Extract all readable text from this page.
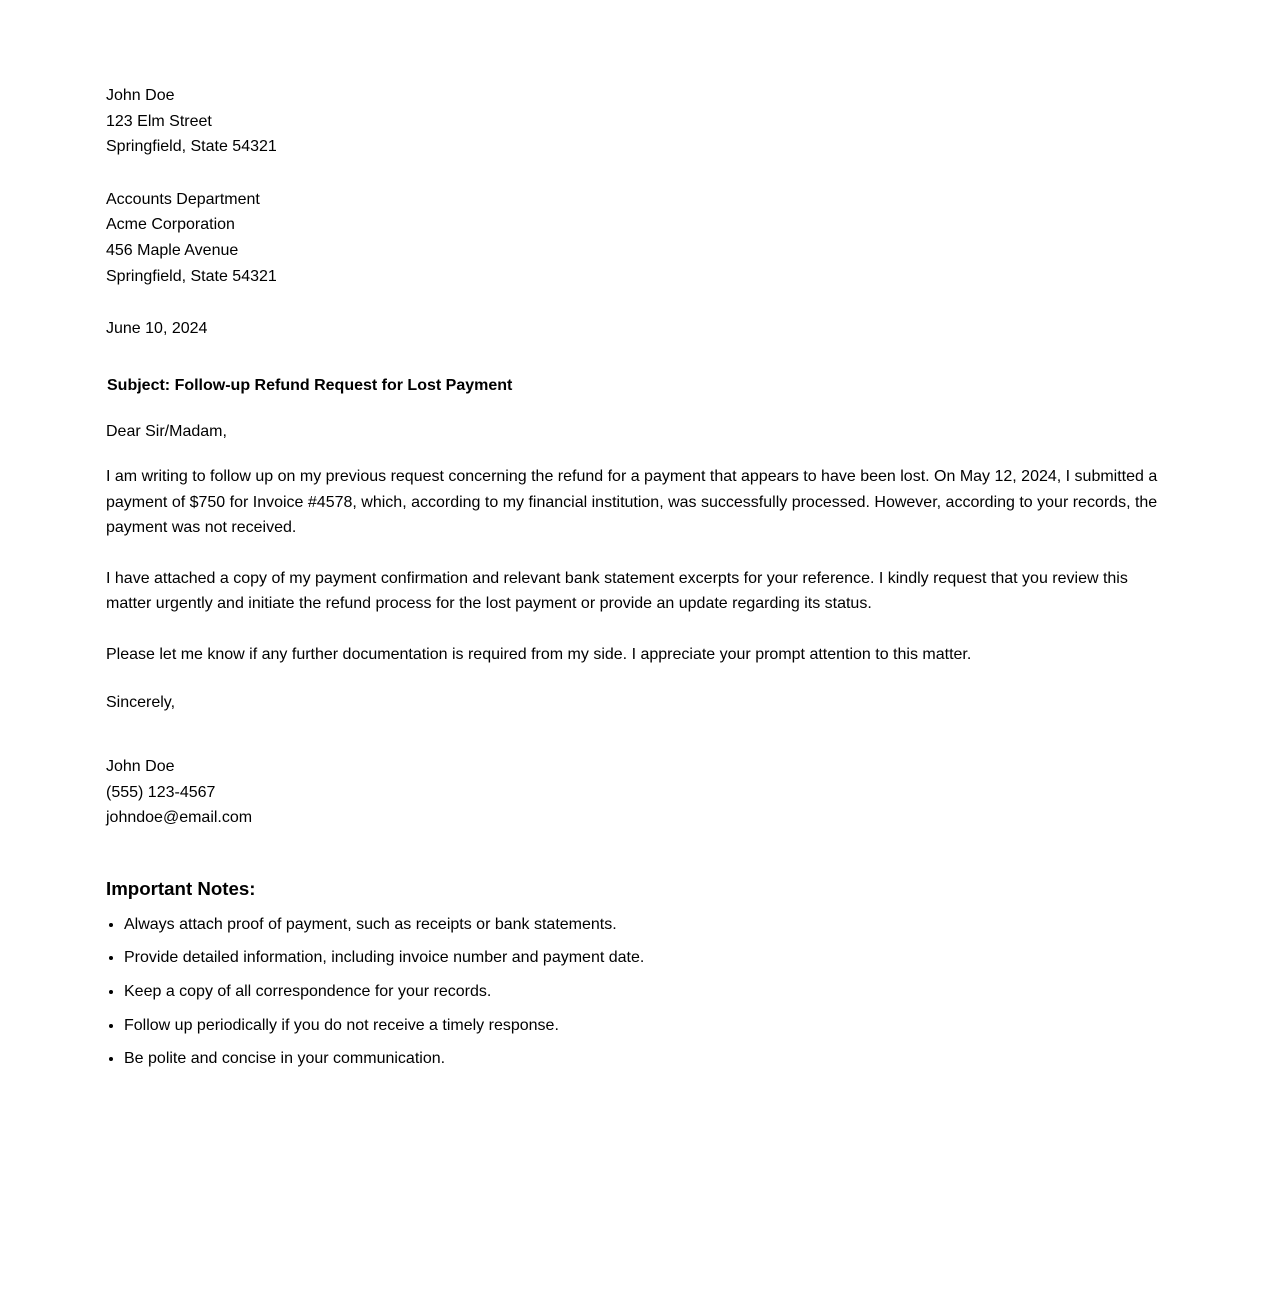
John Doe

123 Elm Street

Springfield, State 54321

Accounts Department

Acme Corporation

456 Maple Avenue

Springfield, State 54321

June 10, 2024

Subject: Follow-up Refund Request for Lost Payment

Dear Sir/Madam,

I am writing to follow up on my previous request concerning the refund for a payment that appears to have been lost. On May 12, 2024, I submitted a payment of $750 for Invoice #4578, which, according to my financial institution, was successfully processed. However, according to your records, the payment was not received.

I have attached a copy of my payment confirmation and relevant bank statement excerpts for your reference. I kindly request that you review this matter urgently and initiate the refund process for the lost payment or provide an update regarding its status.

Please let me know if any further documentation is required from my side. I appreciate your prompt attention to this matter.

Sincerely,

John Doe

(555) 123-4567

johndoe@email.com

Important Notes:
• Always attach proof of payment, such as receipts or bank statements.
• Provide detailed information, including invoice number and payment date.
• Keep a copy of all correspondence for your records.
• Follow up periodically if you do not receive a timely response.
• Be polite and concise in your communication.
